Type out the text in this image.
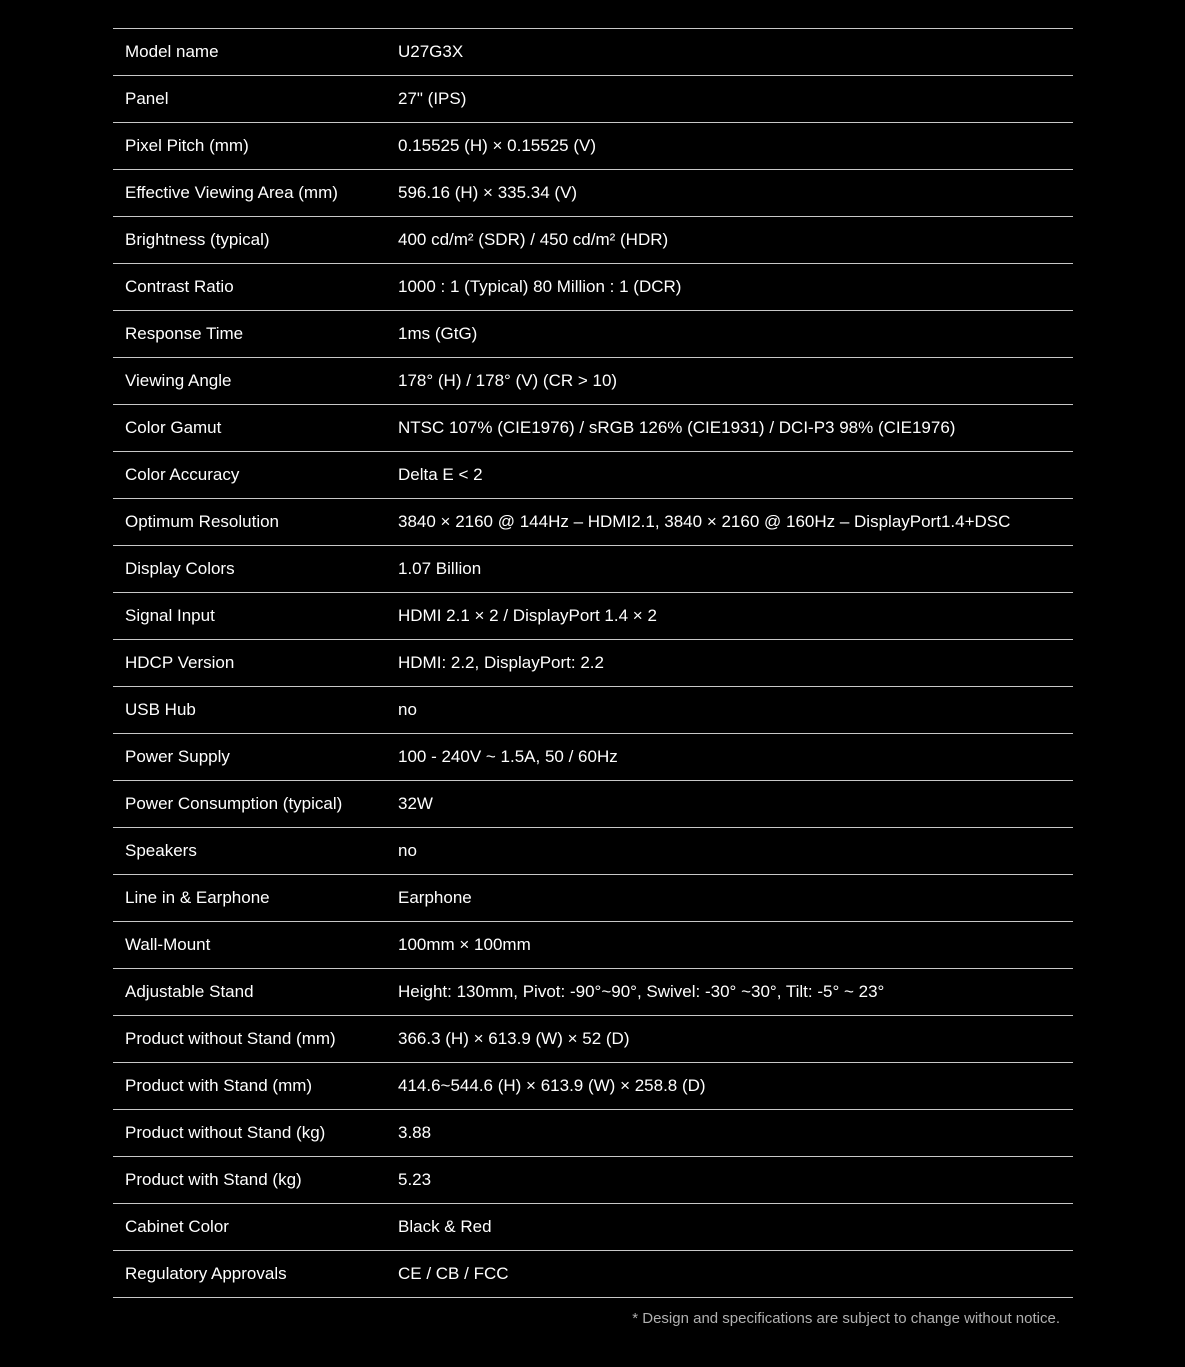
Model name	U27G3X
Panel	27" (IPS)
Pixel Pitch (mm)	0.15525 (H) × 0.15525 (V)
Effective Viewing Area (mm)	596.16 (H) × 335.34 (V)
Brightness (typical)	400 cd/m² (SDR) / 450 cd/m² (HDR)
Contrast Ratio	1000 : 1 (Typical) 80 Million : 1 (DCR)
Response Time	1ms (GtG)
Viewing Angle	178° (H) / 178° (V) (CR > 10)
Color Gamut	NTSC 107% (CIE1976) / sRGB 126% (CIE1931) / DCI-P3 98% (CIE1976)
Color Accuracy	Delta E < 2
Optimum Resolution	3840 × 2160 @ 144Hz – HDMI2.1, 3840 × 2160 @ 160Hz – DisplayPort1.4+DSC
Display Colors	1.07 Billion
Signal Input	HDMI 2.1 × 2 / DisplayPort 1.4 × 2
HDCP Version	HDMI: 2.2, DisplayPort: 2.2
USB Hub	no
Power Supply	100 - 240V ~ 1.5A, 50 / 60Hz
Power Consumption (typical)	32W
Speakers	no
Line in & Earphone	Earphone
Wall-Mount	100mm × 100mm
Adjustable Stand	Height: 130mm, Pivot: -90°~90°, Swivel: -30° ~30°, Tilt: -5° ~ 23°
Product without Stand (mm)	366.3 (H) × 613.9 (W) × 52 (D)
Product with Stand (mm)	414.6~544.6 (H) × 613.9 (W) × 258.8 (D)
Product without Stand (kg)	3.88
Product with Stand (kg)	5.23
Cabinet Color	Black & Red
Regulatory Approvals	CE / CB / FCC
* Design and specifications are subject to change without notice.
